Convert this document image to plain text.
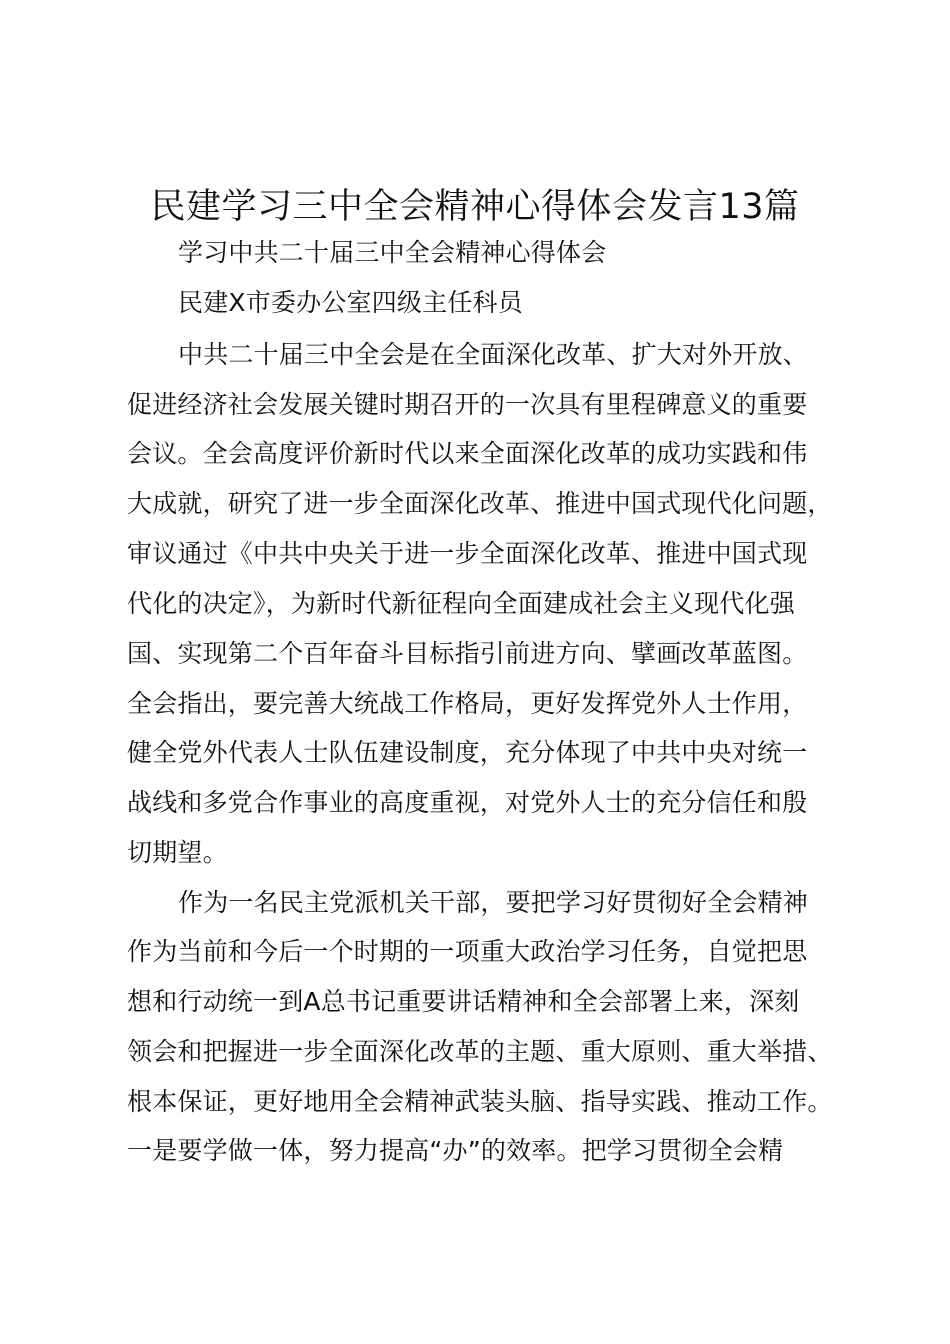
民建学习三中全会精神心得体会发言13篇
学习中共二十届三中全会精神心得体会
民建X市委办公室四级主任科员
中共二十届三中全会是在全面深化改革、扩大对外开放、
促进经济社会发展关键时期召开的一次具有里程碑意义的重要
会议。全会高度评价新时代以来全面深化改革的成功实践和伟
大成就，研究了进一步全面深化改革、推进中国式现代化问题，
审议通过《中共中央关于进一步全面深化改革、推进中国式现
代化的决定》，为新时代新征程向全面建成社会主义现代化强
国、实现第二个百年奋斗目标指引前进方向、擘画改革蓝图。
全会指出，要完善大统战工作格局，更好发挥党外人士作用，
健全党外代表人士队伍建设制度，充分体现了中共中央对统一
战线和多党合作事业的高度重视，对党外人士的充分信任和殷
切期望。
作为一名民主党派机关干部，要把学习好贯彻好全会精神
作为当前和今后一个时期的一项重大政治学习任务，自觉把思
想和行动统一到A总书记重要讲话精神和全会部署上来，深刻
领会和把握进一步全面深化改革的主题、重大原则、重大举措、
根本保证，更好地用全会精神武装头脑、指导实践、推动工作。
一是要学做一体，努力提高“办”的效率。把学习贯彻全会精
